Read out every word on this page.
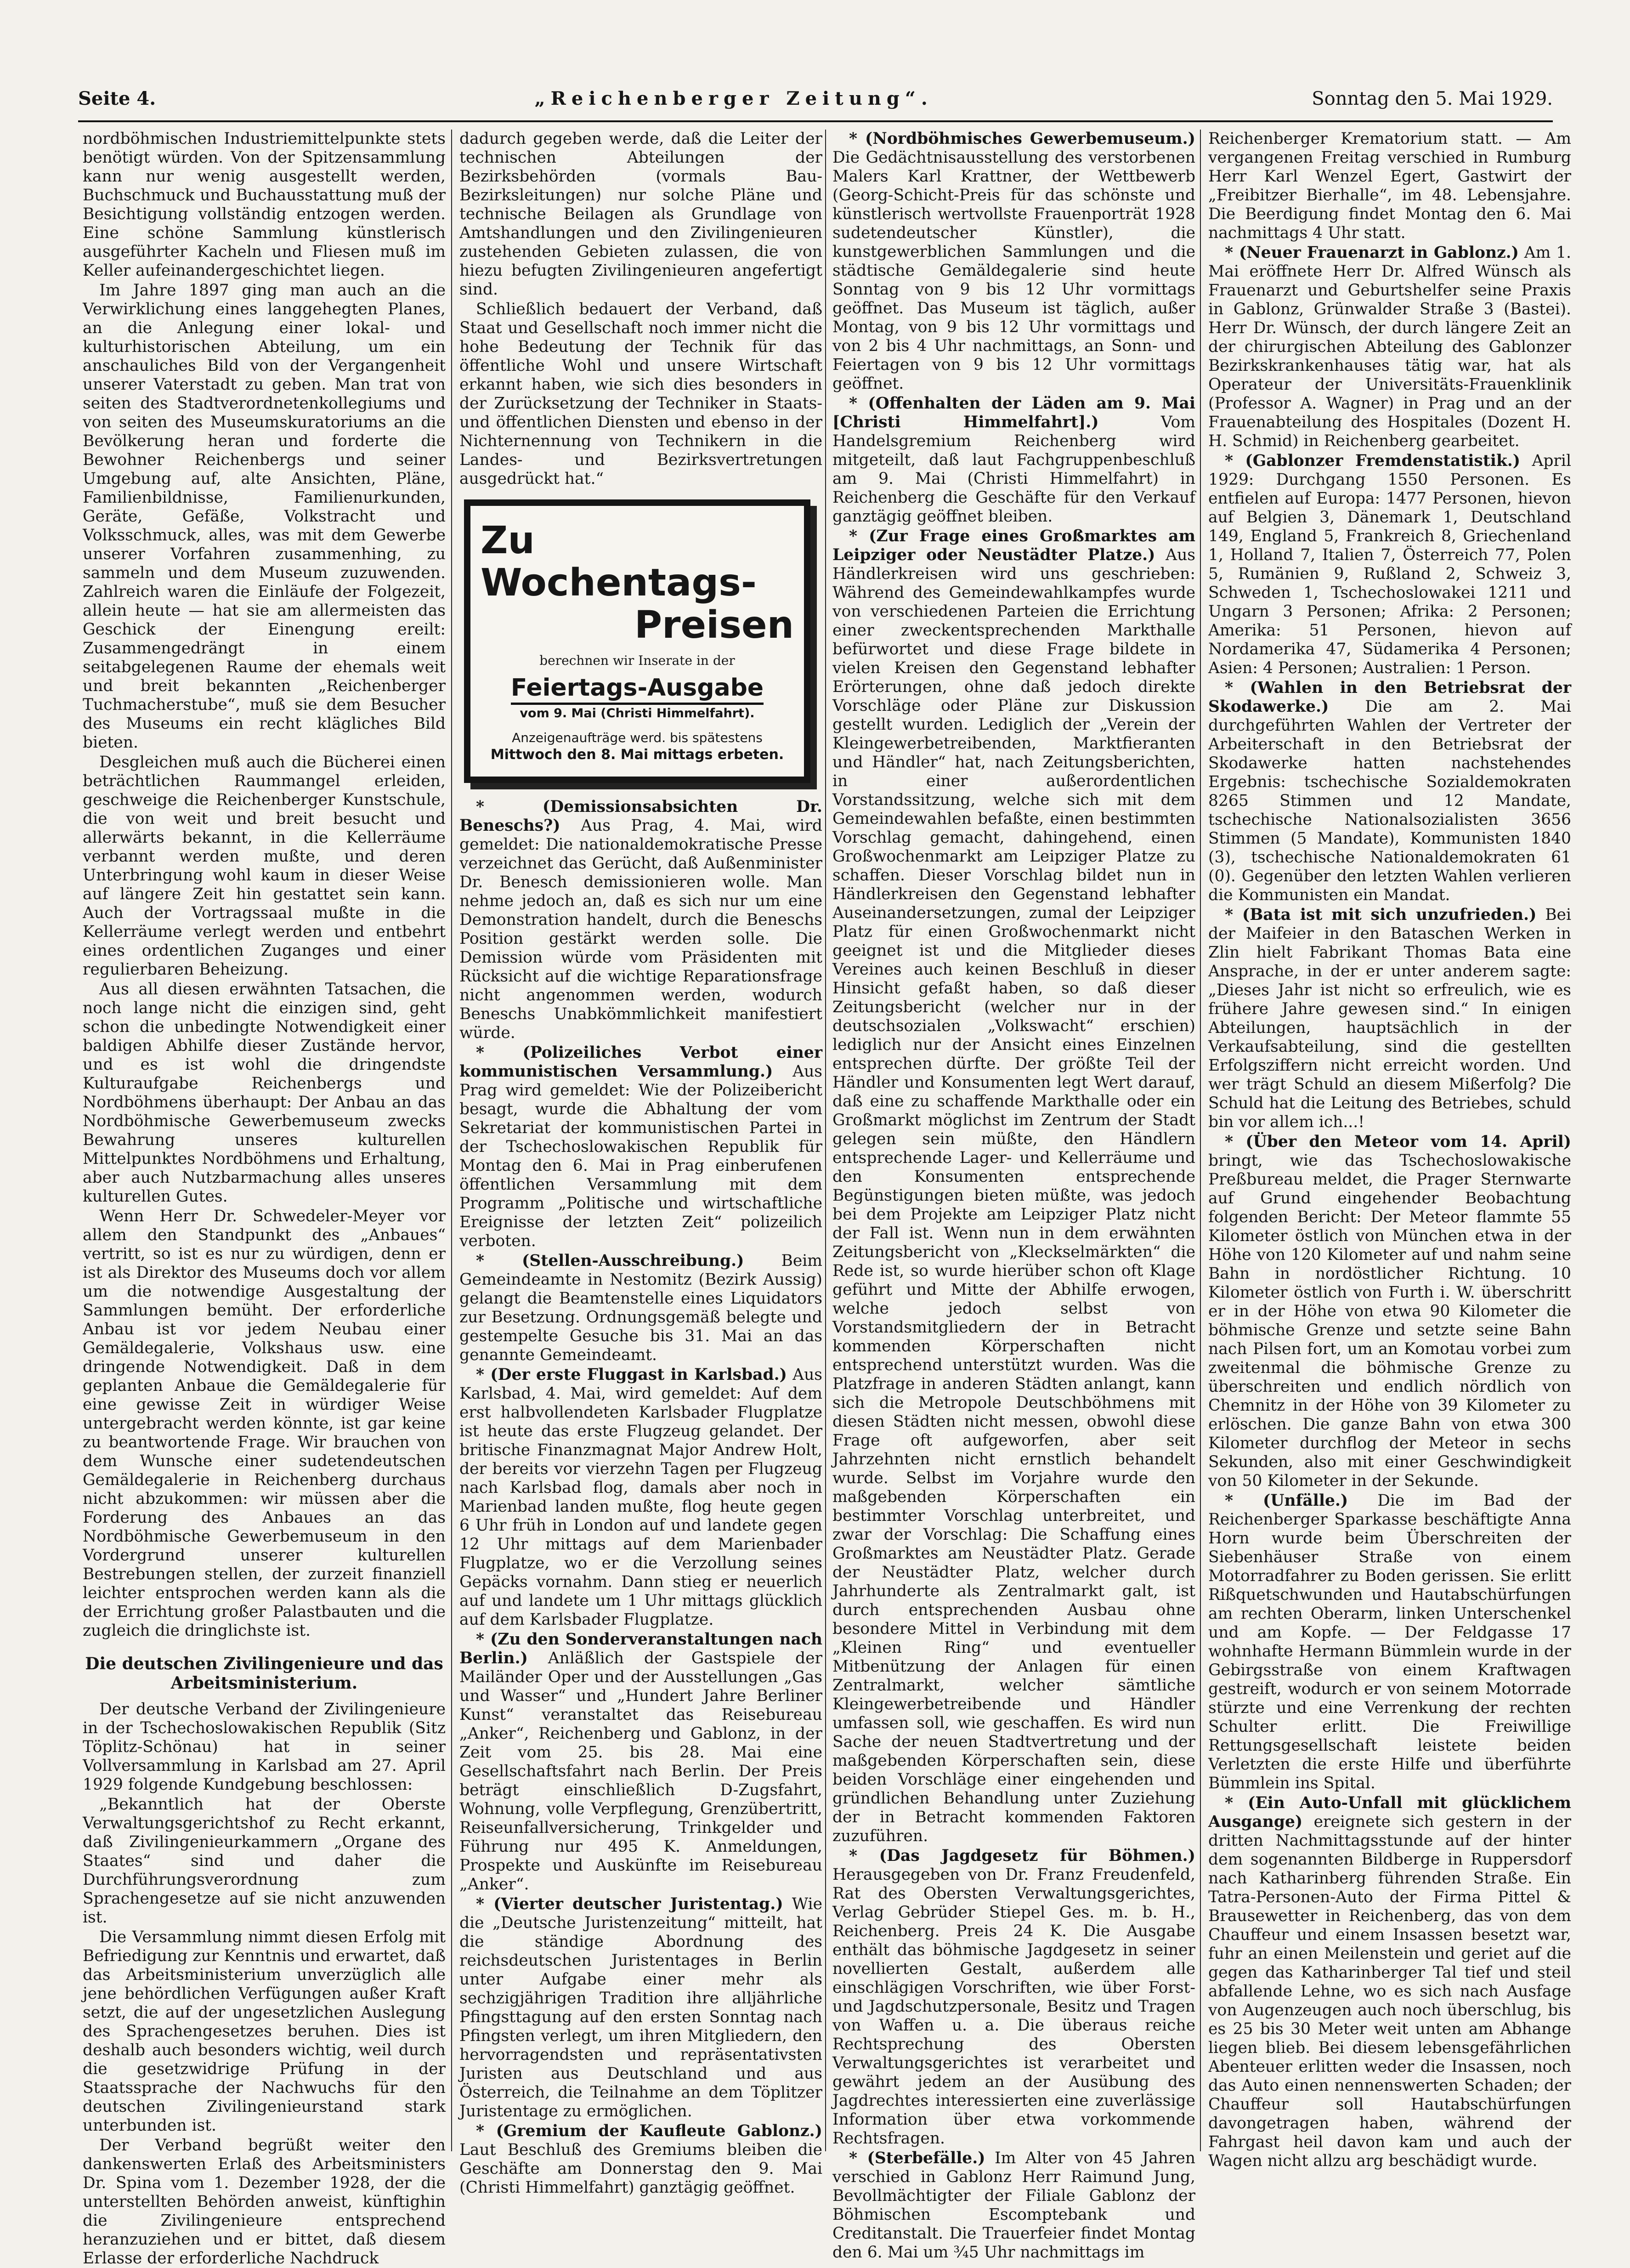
Seite 4.	„Reichenberger Zeitung“.	Sonntag den 5. Mai 1929.

nordböhmischen Industriemittelpunkte stets benötigt würden. Von der Spitzensammlung kann nur wenig ausgestellt werden, Buchschmuck und Buchausstattung muß der Besichtigung vollständig entzogen werden. Eine schöne Sammlung künstlerisch ausgeführter Kacheln und Fliesen muß im Keller aufeinandergeschichtet liegen.

Im Jahre 1897 ging man auch an die Verwirklichung eines langgehegten Planes, an die Anlegung einer lokal- und kulturhistorischen Abteilung, um ein anschauliches Bild von der Vergangenheit unserer Vaterstadt zu geben. Man trat von seiten des Stadtverordnetenkollegiums und von seiten des Museumskuratoriums an die Bevölkerung heran und forderte die Bewohner Reichenbergs und seiner Umgebung auf, alte Ansichten, Pläne, Familienbildnisse, Familienurkunden, Geräte, Gefäße, Volkstracht und Volksschmuck, alles, was mit dem Gewerbe unserer Vorfahren zusammenhing, zu sammeln und dem Museum zuzuwenden. Zahlreich waren die Einläufe der Folgezeit, allein heute — hat sie am allermeisten das Geschick der Einengung ereilt: Zusammengedrängt in einem seitabgelegenen Raume der ehemals weit und breit bekannten „Reichenberger Tuchmacherstube“, muß sie dem Besucher des Museums ein recht klägliches Bild bieten.

Desgleichen muß auch die Bücherei einen beträchtlichen Raummangel erleiden, geschweige die Reichenberger Kunstschule, die von weit und breit besucht und allerwärts bekannt, in die Kellerräume verbannt werden mußte, und deren Unterbringung wohl kaum in dieser Weise auf längere Zeit hin gestattet sein kann. Auch der Vortragssaal mußte in die Kellerräume verlegt werden und entbehrt eines ordentlichen Zuganges und einer regulierbaren Beheizung.

Aus all diesen erwähnten Tatsachen, die noch lange nicht die einzigen sind, geht schon die unbedingte Notwendigkeit einer baldigen Abhilfe dieser Zustände hervor, und es ist wohl die dringendste Kulturaufgabe Reichenbergs und Nordböhmens überhaupt: Der Anbau an das Nordböhmische Gewerbemuseum zwecks Bewahrung unseres kulturellen Mittelpunktes Nordböhmens und Erhaltung, aber auch Nutzbarmachung alles unseres kulturellen Gutes.

Wenn Herr Dr. Schwedeler-Meyer vor allem den Standpunkt des „Anbaues“ vertritt, so ist es nur zu würdigen, denn er ist als Direktor des Museums doch vor allem um die notwendige Ausgestaltung der Sammlungen bemüht. Der erforderliche Anbau ist vor jedem Neubau einer Gemäldegalerie, Volkshaus usw. eine dringende Notwendigkeit. Daß in dem geplanten Anbaue die Gemäldegalerie für eine gewisse Zeit in würdiger Weise untergebracht werden könnte, ist gar keine zu beantwortende Frage. Wir brauchen von dem Wunsche einer sudetendeutschen Gemäldegalerie in Reichenberg durchaus nicht abzukommen: wir müssen aber die Forderung des Anbaues an das Nordböhmische Gewerbemuseum in den Vordergrund unserer kulturellen Bestrebungen stellen, der zurzeit finanziell leichter entsprochen werden kann als die der Errichtung großer Palastbauten und die zugleich die dringlichste ist.

Die deutschen Zivilingenieure und das Arbeitsministerium.

Der deutsche Verband der Zivilingenieure in der Tschechoslowakischen Republik (Sitz Töplitz-Schönau) hat in seiner Vollversammlung in Karlsbad am 27. April 1929 folgende Kundgebung beschlossen:

„Bekanntlich hat der Oberste Verwaltungsgerichtshof zu Recht erkannt, daß Zivilingenieurkammern „Organe des Staates“ sind und daher die Durchführungsverordnung zum Sprachengesetze auf sie nicht anzuwenden ist.

Die Versammlung nimmt diesen Erfolg mit Befriedigung zur Kenntnis und erwartet, daß das Arbeitsministerium unverzüglich alle jene behördlichen Verfügungen außer Kraft setzt, die auf der ungesetzlichen Auslegung des Sprachengesetzes beruhen. Dies ist deshalb auch besonders wichtig, weil durch die gesetzwidrige Prüfung in der Staatssprache der Nachwuchs für den deutschen Zivilingenieurstand stark unterbunden ist.

Der Verband begrüßt weiter den dankenswerten Erlaß des Arbeitsministers Dr. Spina vom 1. Dezember 1928, der die unterstellten Behörden anweist, künftighin die Zivilingenieure entsprechend heranzuziehen und er bittet, daß diesem Erlasse der erforderliche Nachdruck

dadurch gegeben werde, daß die Leiter der technischen Abteilungen der Bezirksbehörden (vormals Bau-Bezirksleitungen) nur solche Pläne und technische Beilagen als Grundlage von Amtshandlungen und den Zivilingenieuren zustehenden Gebieten zulassen, die von hiezu befugten Zivilingenieuren angefertigt sind.

Schließlich bedauert der Verband, daß Staat und Gesellschaft noch immer nicht die hohe Bedeutung der Technik für das öffentliche Wohl und unsere Wirtschaft erkannt haben, wie sich dies besonders in der Zurücksetzung der Techniker in Staats- und öffentlichen Diensten und ebenso in der Nichternennung von Technikern in die Landes- und Bezirksvertretungen ausgedrückt hat.“

Zu Wochentags-
Preisen
berechnen wir Inserate in der
Feiertags-Ausgabe
vom 9. Mai (Christi Himmelfahrt).
Anzeigenaufträge werd. bis spätestens
Mittwoch den 8. Mai mittags erbeten.

* (Demissionsabsichten Dr. Beneschs?) Aus Prag, 4. Mai, wird gemeldet: Die nationaldemokratische Presse verzeichnet das Gerücht, daß Außenminister Dr. Benesch demissionieren wolle. Man nehme jedoch an, daß es sich nur um eine Demonstration handelt, durch die Beneschs Position gestärkt werden solle. Die Demission würde vom Präsidenten mit Rücksicht auf die wichtige Reparationsfrage nicht angenommen werden, wodurch Beneschs Unabkömmlichkeit manifestiert würde.

* (Polizeiliches Verbot einer kommunistischen Versammlung.) Aus Prag wird gemeldet: Wie der Polizeibericht besagt, wurde die Abhaltung der vom Sekretariat der kommunistischen Partei in der Tschechoslowakischen Republik für Montag den 6. Mai in Prag einberufenen öffentlichen Versammlung mit dem Programm „Politische und wirtschaftliche Ereignisse der letzten Zeit“ polizeilich verboten.

* (Stellen-Ausschreibung.) Beim Gemeindeamte in Nestomitz (Bezirk Aussig) gelangt die Beamtenstelle eines Liquidators zur Besetzung. Ordnungsgemäß belegte und gestempelte Gesuche bis 31. Mai an das genannte Gemeindeamt.

* (Der erste Fluggast in Karlsbad.) Aus Karlsbad, 4. Mai, wird gemeldet: Auf dem erst halbvollendeten Karlsbader Flugplatze ist heute das erste Flugzeug gelandet. Der britische Finanzmagnat Major Andrew Holt, der bereits vor vierzehn Tagen per Flugzeug nach Karlsbad flog, damals aber noch in Marienbad landen mußte, flog heute gegen 6 Uhr früh in London auf und landete gegen 12 Uhr mittags auf dem Marienbader Flugplatze, wo er die Verzollung seines Gepäcks vornahm. Dann stieg er neuerlich auf und landete um 1 Uhr mittags glücklich auf dem Karlsbader Flugplatze.

* (Zu den Sonderveranstaltungen nach Berlin.) Anläßlich der Gastspiele der Mailänder Oper und der Ausstellungen „Gas und Wasser“ und „Hundert Jahre Berliner Kunst“ veranstaltet das Reisebureau „Anker“, Reichenberg und Gablonz, in der Zeit vom 25. bis 28. Mai eine Gesellschaftsfahrt nach Berlin. Der Preis beträgt einschließlich D-Zugsfahrt, Wohnung, volle Verpflegung, Grenzübertritt, Reiseunfallversicherung, Trinkgelder und Führung nur 495 K. Anmeldungen, Prospekte und Auskünfte im Reisebureau „Anker“.

* (Vierter deutscher Juristentag.) Wie die „Deutsche Juristenzeitung“ mitteilt, hat die ständige Abordnung des reichsdeutschen Juristentages in Berlin unter Aufgabe einer mehr als sechzigjährigen Tradition ihre alljährliche Pfingsttagung auf den ersten Sonntag nach Pfingsten verlegt, um ihren Mitgliedern, den hervorragendsten und repräsentativsten Juristen aus Deutschland und aus Österreich, die Teilnahme an dem Töplitzer Juristentage zu ermöglichen.

* (Gremium der Kaufleute Gablonz.) Laut Beschluß des Gremiums bleiben die Geschäfte am Donnerstag den 9. Mai (Christi Himmelfahrt) ganztägig geöffnet.

* (Nordböhmisches Gewerbemuseum.) Die Gedächtnisausstellung des verstorbenen Malers Karl Krattner, der Wettbewerb (Georg-Schicht-Preis für das schönste und künstlerisch wertvollste Frauenporträt 1928 sudetendeutscher Künstler), die kunstgewerblichen Sammlungen und die städtische Gemäldegalerie sind heute Sonntag von 9 bis 12 Uhr vormittags geöffnet. Das Museum ist täglich, außer Montag, von 9 bis 12 Uhr vormittags und von 2 bis 4 Uhr nachmittags, an Sonn- und Feiertagen von 9 bis 12 Uhr vormittags geöffnet.

* (Offenhalten der Läden am 9. Mai [Christi Himmelfahrt].)	Vom Handelsgremium Reichenberg wird mitgeteilt, daß laut Fachgruppenbeschluß am 9. Mai (Christi Himmelfahrt) in Reichenberg die Geschäfte für den Verkauf ganztägig geöffnet bleiben.

* (Zur Frage eines Großmarktes am Leipziger oder Neustädter Platze.) Aus Händlerkreisen wird uns geschrieben: Während des Gemeindewahlkampfes wurde von verschiedenen Parteien die Errichtung einer zweckentsprechenden Markthalle befürwortet und diese Frage bildete in vielen Kreisen den Gegenstand lebhafter Erörterungen, ohne daß jedoch direkte Vorschläge oder Pläne zur Diskussion gestellt wurden. Lediglich der „Verein der Kleingewerbetreibenden, Marktfieranten und Händler“ hat, nach Zeitungsberichten, in einer außerordentlichen Vorstandssitzung, welche sich mit dem Gemeindewahlen befaßte, einen bestimmten Vorschlag gemacht, dahingehend, einen Großwochenmarkt am Leipziger Platze zu schaffen. Dieser Vorschlag bildet nun in Händlerkreisen den Gegenstand lebhafter Auseinandersetzungen, zumal der Leipziger Platz für einen Großwochenmarkt nicht geeignet ist und die Mitglieder dieses Vereines auch keinen Beschluß in dieser Hinsicht gefaßt haben, so daß dieser Zeitungsbericht (welcher nur in der deutschsozialen „Volkswacht“ erschien) lediglich nur der Ansicht eines Einzelnen entsprechen dürfte. Der größte Teil der Händler und Konsumenten legt Wert darauf, daß eine zu schaffende Markthalle oder ein Großmarkt möglichst im Zentrum der Stadt gelegen sein müßte, den Händlern entsprechende Lager- und Kellerräume und den Konsumenten entsprechende Begünstigungen bieten müßte, was jedoch bei dem Projekte am Leipziger Platz nicht der Fall ist. Wenn nun in dem erwähnten Zeitungsbericht von „Kleckselmärkten“ die Rede ist, so wurde hierüber schon oft Klage geführt und Mitte der Abhilfe erwogen, welche jedoch selbst von Vorstandsmitgliedern der in Betracht kommenden Körperschaften nicht entsprechend unterstützt wurden. Was die Platzfrage in anderen Städten anlangt, kann sich die Metropole Deutschböhmens mit diesen Städten nicht messen, obwohl diese Frage oft aufgeworfen, aber seit Jahrzehnten nicht ernstlich behandelt wurde. Selbst im Vorjahre wurde den maßgebenden Körperschaften ein bestimmter Vorschlag unterbreitet, und zwar der Vorschlag: Die Schaffung eines Großmarktes am Neustädter Platz. Gerade der Neustädter Platz, welcher durch Jahrhunderte als Zentralmarkt galt, ist durch entsprechenden Ausbau ohne besondere Mittel in Verbindung mit dem „Kleinen Ring“ und eventueller Mitbenützung der Anlagen für einen Zentralmarkt, welcher sämtliche Kleingewerbetreibende und Händler umfassen soll, wie geschaffen. Es wird nun Sache der neuen Stadtvertretung und der maßgebenden Körperschaften sein, diese beiden Vorschläge einer eingehenden und gründlichen Behandlung unter Zuziehung der in Betracht kommenden Faktoren zuzuführen.

* (Das Jagdgesetz für Böhmen.) Herausgegeben von Dr. Franz Freudenfeld, Rat des Obersten Verwaltungsgerichtes, Verlag Gebrüder Stiepel Ges. m. b. H., Reichenberg. Preis 24 K. Die Ausgabe enthält das böhmische Jagdgesetz in seiner novellierten Gestalt, außerdem alle einschlägigen Vorschriften, wie über Forst- und Jagdschutzpersonale, Besitz und Tragen von Waffen u. a. Die überaus reiche Rechtsprechung des Obersten Verwaltungsgerichtes ist verarbeitet und gewährt jedem an der Ausübung des Jagdrechtes interessierten eine zuverlässige Information über etwa vorkommende Rechtsfragen.

* (Sterbefälle.) Im Alter von 45 Jahren verschied in Gablonz Herr Raimund Jung, Bevollmächtigter der Filiale Gablonz der Böhmischen Escomptebank und Creditanstalt. Die Trauerfeier findet Montag den 6. Mai um ¾5 Uhr nachmittags im

Reichenberger Krematorium statt. — Am vergangenen Freitag verschied in Rumburg Herr Karl Wenzel Egert, Gastwirt der „Freibitzer Bierhalle“, im 48. Lebensjahre. Die Beerdigung findet Montag den 6. Mai nachmittags 4 Uhr statt.

* (Neuer Frauenarzt in Gablonz.) Am 1. Mai eröffnete Herr Dr. Alfred Wünsch als Frauenarzt und Geburtshelfer seine Praxis in Gablonz, Grünwalder Straße 3 (Bastei). Herr Dr. Wünsch, der durch längere Zeit an der chirurgischen Abteilung des Gablonzer Bezirkskrankenhauses tätig war, hat als Operateur der Universitäts-Frauenklinik (Professor A. Wagner) in Prag und an der Frauenabteilung des Hospitales (Dozent H. H. Schmid) in Reichenberg gearbeitet.

* (Gablonzer Fremdenstatistik.) April 1929: Durchgang 1550 Personen. Es entfielen auf Europa: 1477 Personen, hievon auf Belgien 3, Dänemark 1, Deutschland 149, England 5, Frankreich 8, Griechenland 1, Holland 7, Italien 7, Österreich 77, Polen 5, Rumänien 9, Rußland 2, Schweiz 3, Schweden 1, Tschechoslowakei 1211 und Ungarn 3 Personen; Afrika: 2 Personen; Amerika: 51 Personen, hievon auf Nordamerika 47, Südamerika 4 Personen; Asien: 4 Personen; Australien: 1 Person.

* (Wahlen in den Betriebsrat der Skodawerke.) Die am 2. Mai durchgeführten Wahlen der Vertreter der Arbeiterschaft in den Betriebsrat der Skodawerke hatten nachstehendes Ergebnis: tschechische Sozialdemokraten 8265 Stimmen und 12 Mandate, tschechische Nationalsozialisten 3656 Stimmen (5 Mandate), Kommunisten 1840 (3), tschechische Nationaldemokraten 61 (0). Gegenüber den letzten Wahlen verlieren die Kommunisten ein Mandat.

* (Bata ist mit sich unzufrieden.) Bei der Maifeier in den Bataschen Werken in Zlin hielt Fabrikant Thomas Bata eine Ansprache, in der er unter anderem sagte: „Dieses Jahr ist nicht so erfreulich, wie es frühere Jahre gewesen sind.“ In einigen Abteilungen, hauptsächlich in der Verkaufsabteilung, sind die gestellten Erfolgsziffern nicht erreicht worden. Und wer trägt Schuld an diesem Mißerfolg? Die Schuld hat die Leitung des Betriebes, schuld bin vor allem ich...!

* (Über den Meteor vom 14. April) bringt, wie das Tschechoslowakische Preßbureau meldet, die Prager Sternwarte auf Grund eingehender Beobachtung folgenden Bericht: Der Meteor flammte 55 Kilometer östlich von München etwa in der Höhe von 120 Kilometer auf und nahm seine Bahn in nordöstlicher Richtung. 10 Kilometer östlich von Furth i. W. überschritt er in der Höhe von etwa 90 Kilometer die böhmische Grenze und setzte seine Bahn nach Pilsen fort, um an Komotau vorbei zum zweitenmal die böhmische Grenze zu überschreiten und endlich nördlich von Chemnitz in der Höhe von 39 Kilometer zu erlöschen. Die ganze Bahn von etwa 300 Kilometer durchflog der Meteor in sechs Sekunden, also mit einer Geschwindigkeit von 50 Kilometer in der Sekunde.

* (Unfälle.) Die im Bad der Reichenberger Sparkasse beschäftigte Anna Horn wurde beim Überschreiten der Siebenhäuser Straße von einem Motorradfahrer zu Boden gerissen. Sie erlitt Rißquetschwunden und Hautabschürfungen am rechten Oberarm, linken Unterschenkel und am Kopfe. — Der Feldgasse 17 wohnhafte Hermann Bümmlein wurde in der Gebirgsstraße von einem Kraftwagen gestreift, wodurch er von seinem Motorrade stürzte und eine Verrenkung der rechten Schulter erlitt. Die Freiwillige Rettungsgesellschaft leistete beiden Verletzten die erste Hilfe und überführte Bümmlein ins Spital.

* (Ein Auto-Unfall mit glücklichem Ausgange) ereignete sich gestern in der dritten Nachmittagsstunde auf der hinter dem sogenannten Bildberge in Ruppersdorf nach Katharinberg führenden Straße. Ein Tatra-Personen-Auto der Firma Pittel & Brausewetter in Reichenberg, das von dem Chauffeur und einem Insassen besetzt war, fuhr an einen Meilenstein und geriet auf die gegen das Katharinberger Tal tief und steil abfallende Lehne, wo es sich nach Ausfage von Augenzeugen auch noch überschlug, bis es 25 bis 30 Meter weit unten am Abhange liegen blieb. Bei diesem lebensgefährlichen Abenteuer erlitten weder die Insassen, noch das Auto einen nennenswerten Schaden; der Chauffeur soll Hautabschürfungen davongetragen haben, während der Fahrgast heil davon kam und auch der Wagen nicht allzu arg beschädigt wurde.
